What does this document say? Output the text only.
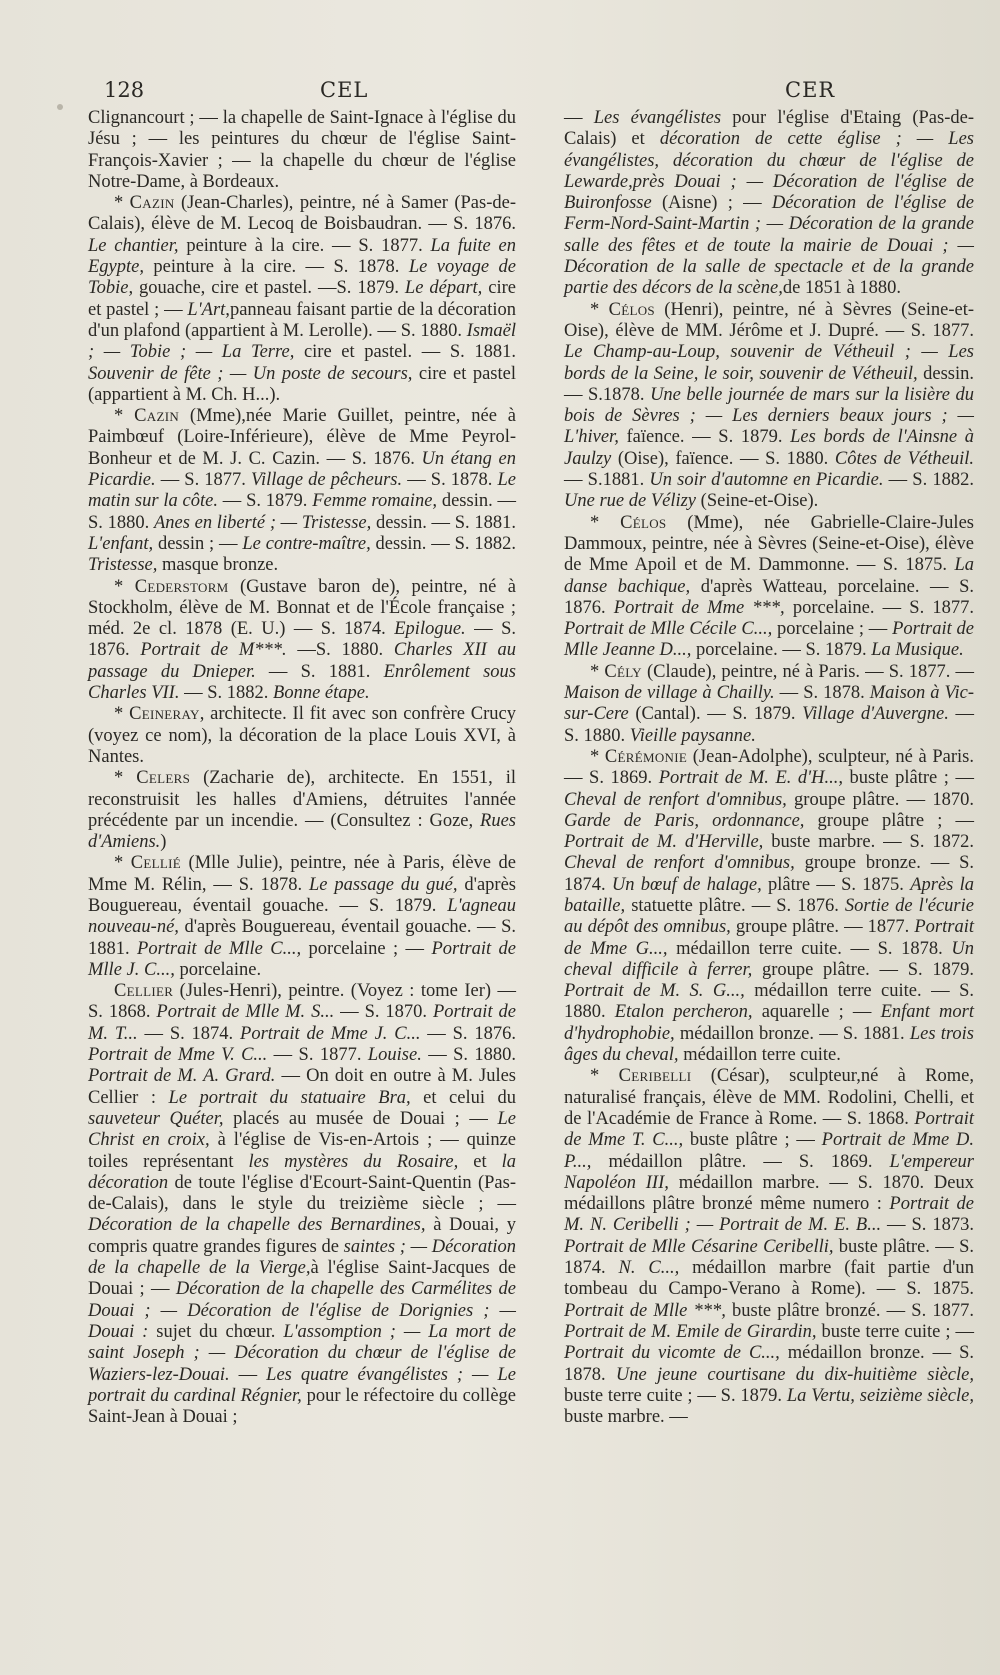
128	CEL	CER

Clignancourt ; — la chapelle de Saint-Ignace à l'église du Jésu ; — les peintures du chœur de l'église Saint-François-Xavier ; — la chapelle du chœur de l'église Notre-Dame, à Bordeaux.

* Cazin (Jean-Charles), peintre, né à Samer (Pas-de-Calais), élève de M. Lecoq de Boisbaudran. — S. 1876. Le chantier, peinture à la cire. — S. 1877. La fuite en Egypte, peinture à la cire. — S. 1878. Le voyage de Tobie, gouache, cire et pastel. —S. 1879. Le départ, cire et pastel ; — L'Art,panneau faisant partie de la décoration d'un plafond (appartient à M. Lerolle). — S. 1880. Ismaël ; — Tobie ; — La Terre, cire et pastel. — S. 1881. Souvenir de fête ; — Un poste de secours, cire et pastel (appartient à M. Ch. H...).

* Cazin (Mme),née Marie Guillet, peintre, née à Paimbœuf (Loire-Inférieure), élève de Mme Peyrol-Bonheur et de M. J. C. Cazin. — S. 1876. Un étang en Picardie. — S. 1877. Village de pêcheurs. — S. 1878. Le matin sur la côte. — S. 1879. Femme romaine, dessin. — S. 1880. Anes en liberté ; — Tristesse, dessin. — S. 1881. L'enfant, dessin ; — Le contre-maître, dessin. — S. 1882. Tristesse, masque bronze.

* Cederstorm (Gustave baron de), peintre, né à Stockholm, élève de M. Bonnat et de l'École française ; méd. 2e cl. 1878 (E. U.) — S. 1874. Epilogue. — S. 1876. Portrait de M***. —S. 1880. Charles XII au passage du Dnieper. — S. 1881. Enrôlement sous Charles VII. — S. 1882. Bonne étape.

* Ceineray, architecte. Il fit avec son confrère Crucy (voyez ce nom), la décoration de la place Louis XVI, à Nantes.

* Celers (Zacharie de), architecte. En 1551, il reconstruisit les halles d'Amiens, détruites l'année précédente par un incendie. — (Consultez : Goze, Rues d'Amiens.)

* Cellié (Mlle Julie), peintre, née à Paris, élève de Mme M. Rélin, — S. 1878. Le passage du gué, d'après Bouguereau, éventail gouache. — S. 1879. L'agneau nouveau-né, d'après Bouguereau, éventail gouache. — S. 1881. Portrait de Mlle C..., porcelaine ; — Portrait de Mlle J. C..., porcelaine.

Cellier (Jules-Henri), peintre. (Voyez : tome Ier) — S. 1868. Portrait de Mlle M. S... — S. 1870. Portrait de M. T... — S. 1874. Portrait de Mme J. C... — S. 1876. Portrait de Mme V. C... — S. 1877. Louise. — S. 1880. Portrait de M. A. Grard. — On doit en outre à M. Jules Cellier : Le portrait du statuaire Bra, et celui du sauveteur Quéter, placés au musée de Douai ; — Le Christ en croix, à l'église de Vis-en-Artois ; — quinze toiles représentant les mystères du Rosaire, et la décoration de toute l'église d'Ecourt-Saint-Quentin (Pas-de-Calais), dans le style du treizième siècle ; — Décoration de la chapelle des Bernardines, à Douai, y compris quatre grandes figures de saintes ; — Décoration de la chapelle de la Vierge,à l'église Saint-Jacques de Douai ; — Décoration de la chapelle des Carmélites de Douai ; — Décoration de l'église de Dorignies ; — Douai : sujet du chœur. L'assomption ; — La mort de saint Joseph ; — Décoration du chœur de l'église de Waziers-lez-Douai. — Les quatre évangélistes ; — Le portrait du cardinal Régnier, pour le réfectoire du collège Saint-Jean à Douai ;

— Les évangélistes pour l'église d'Etaing (Pas-de-Calais) et décoration de cette église ; — Les évangélistes, décoration du chœur de l'église de Lewarde,près Douai ; — Décoration de l'église de Buironfosse (Aisne) ; — Décoration de l'église de Ferm-Nord-Saint-Martin ; — Décoration de la grande salle des fêtes et de toute la mairie de Douai ; — Décoration de la salle de spectacle et de la grande partie des décors de la scène,de 1851 à 1880.

* Célos (Henri), peintre, né à Sèvres (Seine-et-Oise), élève de MM. Jérôme et J. Dupré. — S. 1877. Le Champ-au-Loup, souvenir de Vétheuil ; — Les bords de la Seine, le soir, souvenir de Vétheuil, dessin. — S.1878. Une belle journée de mars sur la lisière du bois de Sèvres ; — Les derniers beaux jours ; — L'hiver, faïence. — S. 1879. Les bords de l'Ainsne à Jaulzy (Oise), faïence. — S. 1880. Côtes de Vétheuil. — S.1881. Un soir d'automne en Picardie. — S. 1882. Une rue de Vélizy (Seine-et-Oise).

* Célos (Mme), née Gabrielle-Claire-Jules Dammoux, peintre, née à Sèvres (Seine-et-Oise), élève de Mme Apoil et de M. Dammonne. — S. 1875. La danse bachique, d'après Watteau, porcelaine. — S. 1876. Portrait de Mme ***, porcelaine. — S. 1877. Portrait de Mlle Cécile C..., porcelaine ; — Portrait de Mlle Jeanne D..., porcelaine. — S. 1879. La Musique.

* Cély (Claude), peintre, né à Paris. — S. 1877. — Maison de village à Chailly. — S. 1878. Maison à Vic-sur-Cere (Cantal). — S. 1879. Village d'Auvergne. — S. 1880. Vieille paysanne.

* Cérémonie (Jean-Adolphe), sculpteur, né à Paris. — S. 1869. Portrait de M. E. d'H..., buste plâtre ; — Cheval de renfort d'omnibus, groupe plâtre. — 1870. Garde de Paris, ordonnance, groupe plâtre ; — Portrait de M. d'Herville, buste marbre. — S. 1872. Cheval de renfort d'omnibus, groupe bronze. — S. 1874. Un bœuf de halage, plâtre — S. 1875. Après la bataille, statuette plâtre. — S. 1876. Sortie de l'écurie au dépôt des omnibus, groupe plâtre. — 1877. Portrait de Mme G..., médaillon terre cuite. — S. 1878. Un cheval difficile à ferrer, groupe plâtre. — S. 1879. Portrait de M. S. G..., médaillon terre cuite. — S. 1880. Etalon percheron, aquarelle ; — Enfant mort d'hydrophobie, médaillon bronze. — S. 1881. Les trois âges du cheval, médaillon terre cuite.

* Ceribelli (César), sculpteur,né à Rome, naturalisé français, élève de MM. Rodolini, Chelli, et de l'Académie de France à Rome. — S. 1868. Portrait de Mme T. C..., buste plâtre ; — Portrait de Mme D. P..., médaillon plâtre. — S. 1869. L'empereur Napoléon III, médaillon marbre. — S. 1870. Deux médaillons plâtre bronzé même numero : Portrait de M. N. Ceribelli ; — Portrait de M. E. B... — S. 1873. Portrait de Mlle Césarine Ceribelli, buste plâtre. — S. 1874. N. C..., médaillon marbre (fait partie d'un tombeau du Campo-Verano à Rome). — S. 1875. Portrait de Mlle ***, buste plâtre bronzé. — S. 1877. Portrait de M. Emile de Girardin, buste terre cuite ; — Portrait du vicomte de C..., médaillon bronze. — S. 1878. Une jeune courtisane du dix-huitième siècle, buste terre cuite ; — S. 1879. La Vertu, seizième siècle, buste marbre. —
